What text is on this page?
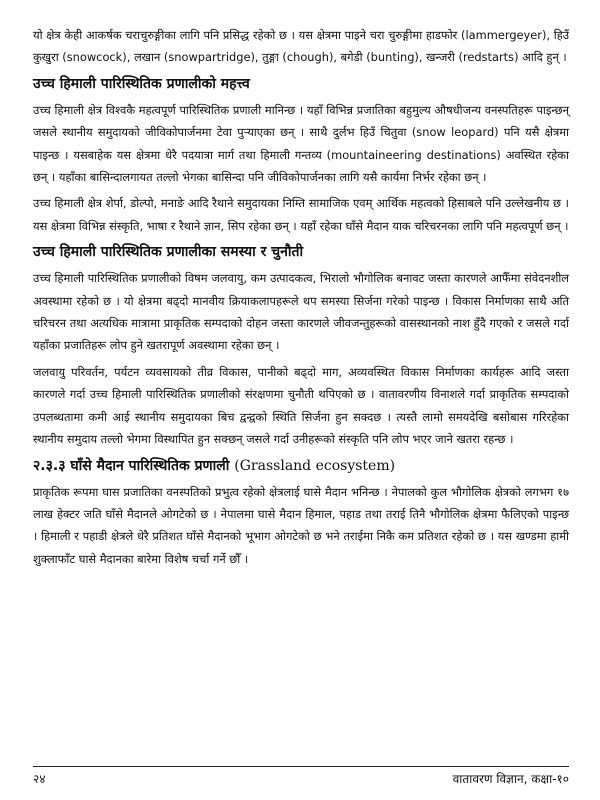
यो क्षेत्र केही आकर्षक चराचुरुङ्गीका लागि पनि प्रसिद्ध रहेको छ । यस क्षेत्रमा पाइने चरा चुरुङ्गीमा हाडफोर (lammergeyer), हिउँ कुखुरा (snowcock), लखान (snowpartridge), तुङ्गा (chough), बगेडी (bunting), खन्जरी (redstarts) आदि हुन् ।

उच्च हिमाली पारिस्थितिक प्रणालीको महत्त्व

उच्च हिमाली क्षेत्र विश्वकै महत्वपूर्ण पारिस्थितिक प्रणाली मानिन्छ । यहाँ विभिन्न प्रजातिका बहुमुल्य औषधीजन्य वनस्पतिहरू पाइन्छन् जसले स्थानीय समुदायको जीविकोपार्जनमा टेवा पुऱ्याएका छन् । साथै दुर्लभ हिउँ चितुवा (snow leopard) पनि यसै क्षेत्रमा पाइन्छ । यसबाहेक यस क्षेत्रमा धेरै पदयात्रा मार्ग तथा हिमाली गन्तव्य (mountaineering destinations) अवस्थित रहेका छन् । यहाँका बासिन्दालगायत तल्लो भेगका बासिन्दा पनि जीविकोपार्जनका लागि यसै कार्यमा निर्भर रहेका छन् ।

उच्च हिमाली क्षेत्र शेर्पा, डोल्पो, मनाङे आदि रैथाने समुदायका निम्ति सामाजिक एवम् आर्थिक महत्वको हिसाबले पनि उल्लेखनीय छ । यस क्षेत्रमा विभिन्न संस्कृति, भाषा र रैथाने ज्ञान, सिप रहेका छन् । यहाँ रहेका घाँसे मैदान याक चरिचरनका लागि पनि महत्वपूर्ण छन् ।

उच्च हिमाली पारिस्थितिक प्रणालीका समस्या र चुनौती

उच्च हिमाली पारिस्थितिक प्रणालीको विषम जलवायु, कम उत्पादकत्व, भिरालो भौगोलिक बनावट जस्ता कारणले आफैँमा संवेदनशील अवस्थामा रहेको छ । यो क्षेत्रमा बढ्दो मानवीय क्रियाकलापहरूले थप समस्या सिर्जना गरेको पाइन्छ । विकास निर्माणका साथै अति चरिचरन तथा अत्यधिक मात्रामा प्राकृतिक सम्पदाको दोहन जस्ता कारणले जीवजन्तुहरूको वासस्थानको नाश हुँदै गएको र जसले गर्दा यहाँका प्रजातिहरू लोप हुने खतरापूर्ण अवस्थामा रहेका छन् ।

जलवायु परिवर्तन, पर्यटन व्यवसायको तीव्र विकास, पानीको बढ्दो माग, अव्यवस्थित विकास निर्माणका कार्यहरू आदि जस्ता कारणले गर्दा उच्च हिमाली पारिस्थितिक प्रणालीको संरक्षणमा चुनौती थपिएको छ । वातावरणीय विनाशले गर्दा प्राकृतिक सम्पदाको उपलब्धतामा कमी आई स्थानीय समुदायका बिच द्वन्द्वको स्थिति सिर्जना हुन सक्दछ । त्यस्तै लामो समयदेखि बसोबास गरिरहेका स्थानीय समुदाय तल्लो भेगमा विस्थापित हुन सक्छन् जसले गर्दा उनीहरूको संस्कृति पनि लोप भएर जाने खतरा रहन्छ ।

२.३.३ घाँसे मैदान पारिस्थितिक प्रणाली (Grassland ecosystem)

प्राकृतिक रूपमा घास प्रजातिका वनस्पतिको प्रभुत्व रहेको क्षेत्रलाई घासे मैदान भनिन्छ । नेपालको कुल भौगोलिक क्षेत्रको लगभग १७ लाख हेक्टर जति घाँसे मैदानले ओगटेको छ । नेपालमा घासे मैदान हिमाल, पहाड तथा तराई तिनै भौगोलिक क्षेत्रमा फैलिएको पाइन्छ । हिमाली र पहाडी क्षेत्रले धेरै प्रतिशत घाँसे मैदानको भूभाग ओगटेको छ भने तराईमा निकै कम प्रतिशत रहेको छ । यस खण्डमा हामी शुक्लाफाँट घासे मैदानका बारेमा विशेष चर्चा गर्ने छौँ ।

२४	वातावरण विज्ञान, कक्षा-१०
